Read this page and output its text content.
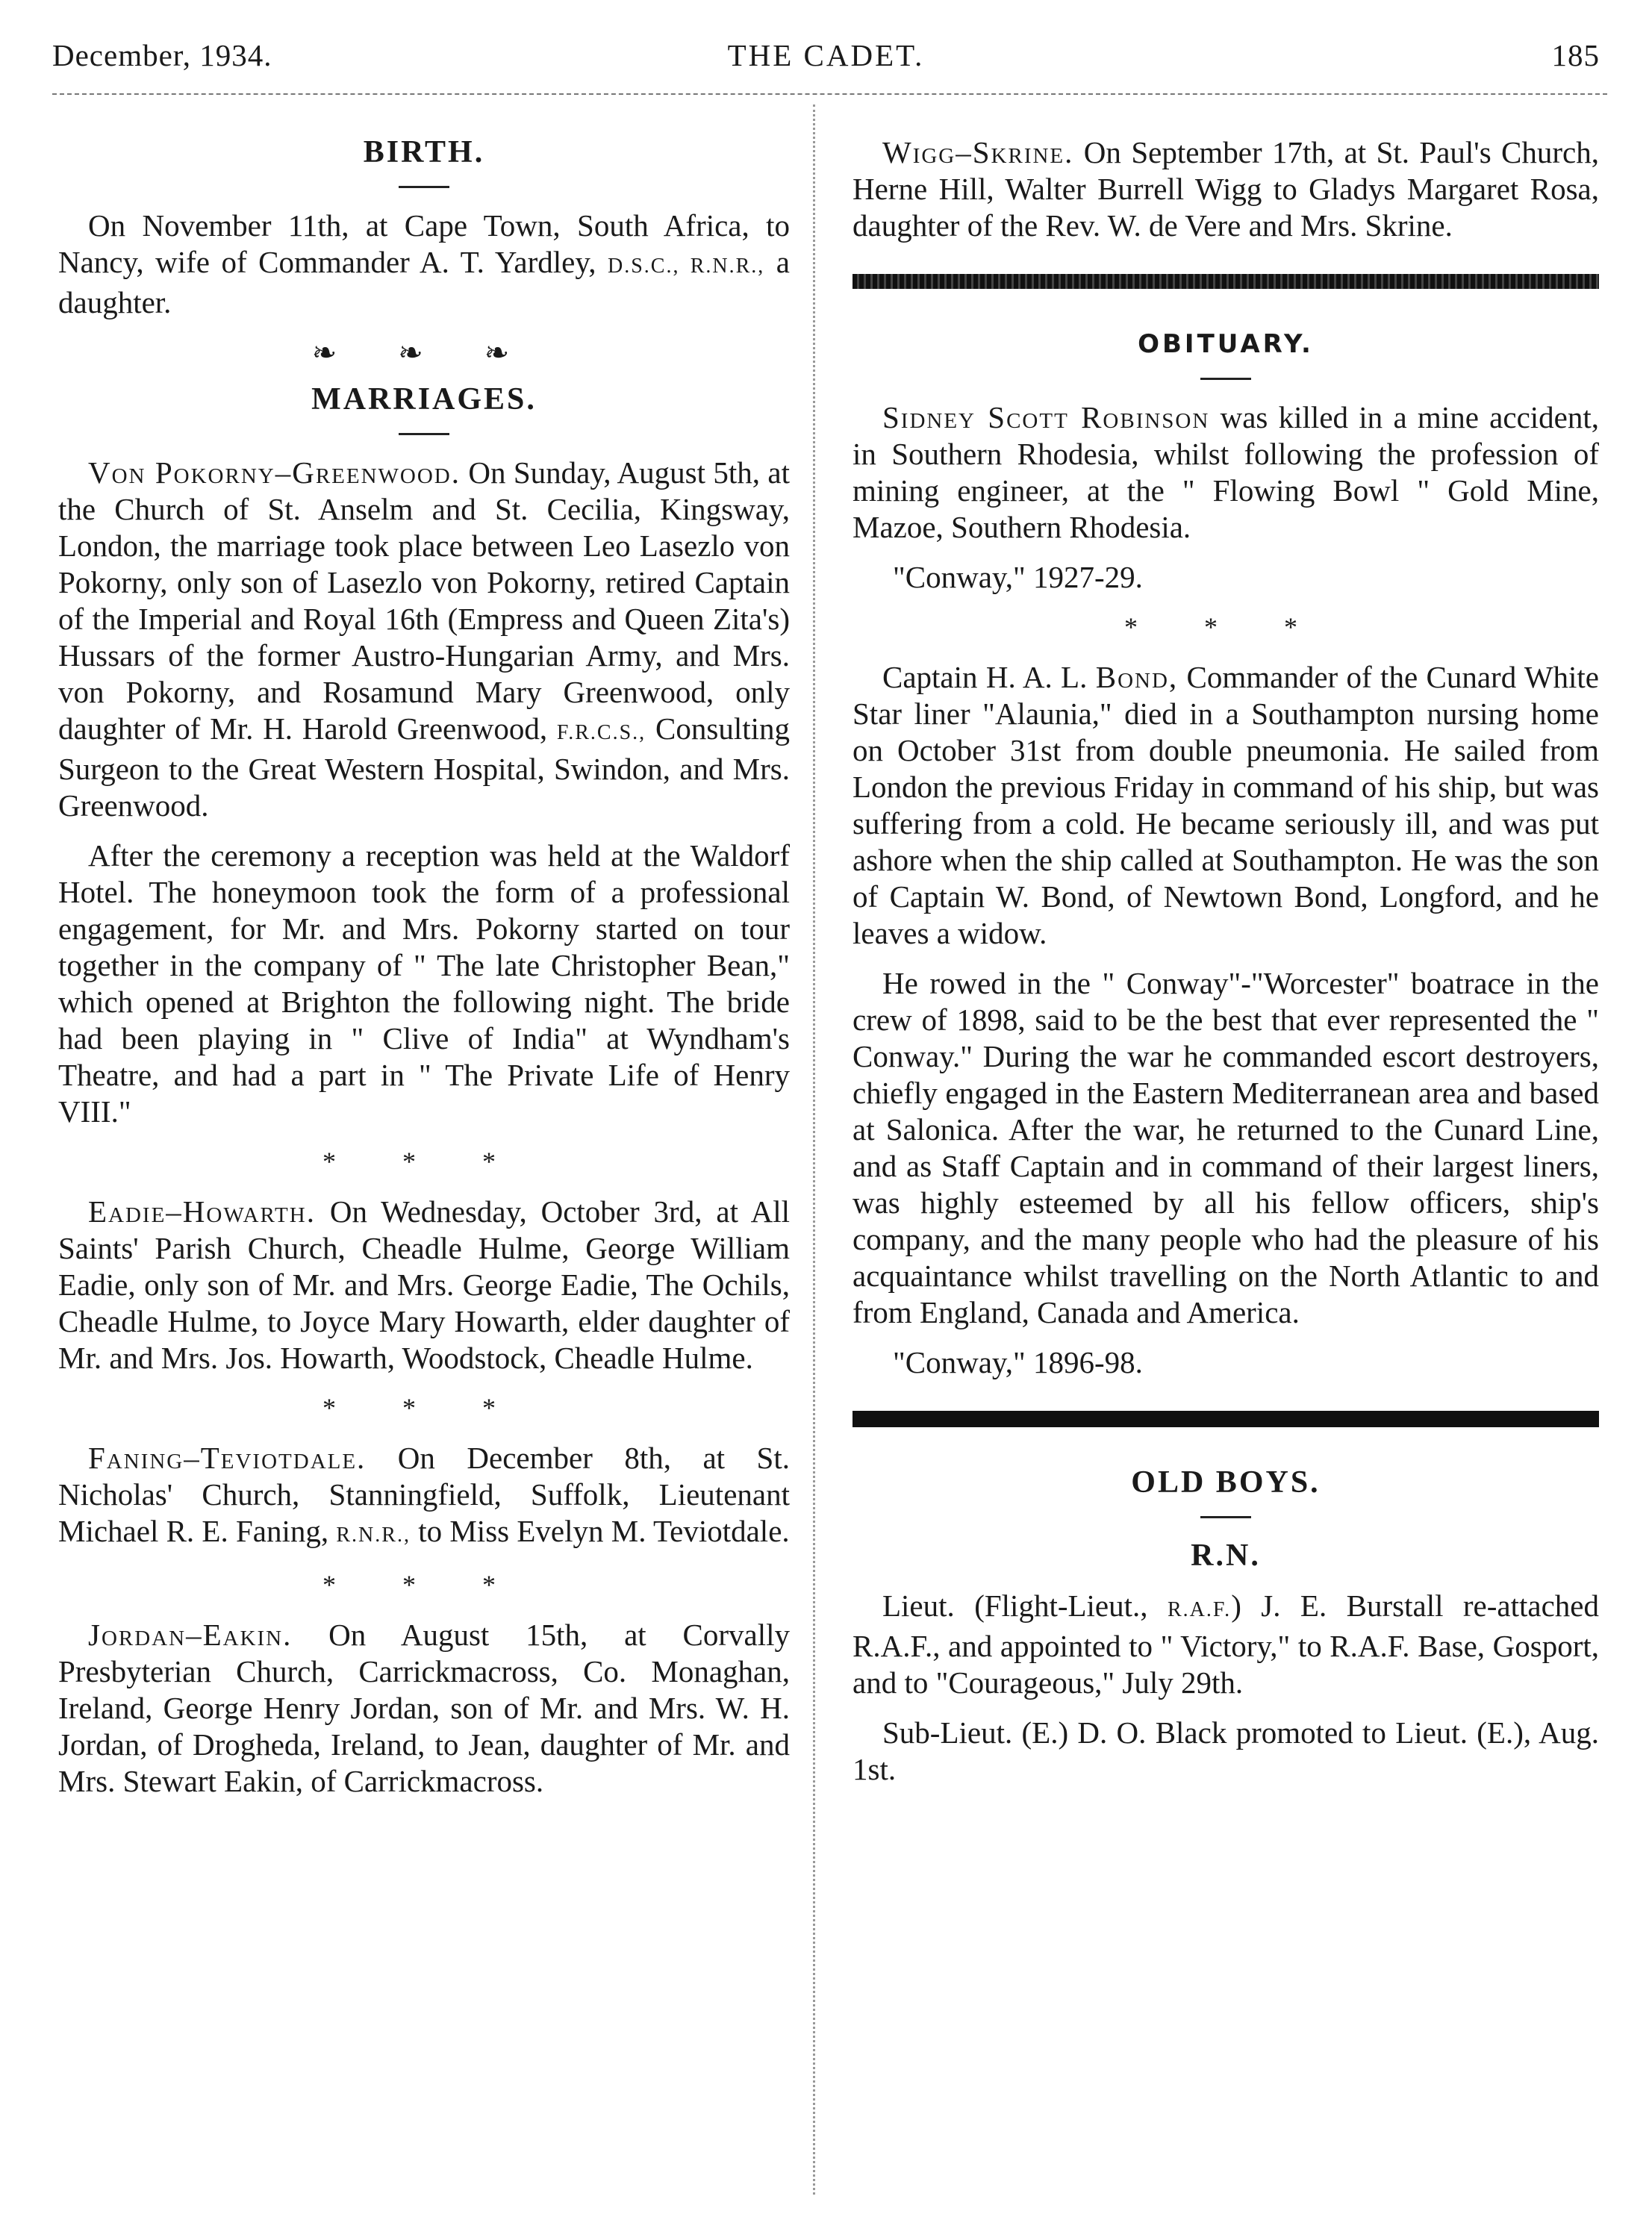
December, 1934.	THE CADET.	185
BIRTH.

On November 11th, at Cape Town, South Africa, to Nancy, wife of Commander A. T. Yardley, D.S.C., R.N.R., a daughter.

❧ ❧ ❧
MARRIAGES.

Von Pokorny–Greenwood. On Sunday, August 5th, at the Church of St. Anselm and St. Cecilia, Kingsway, London, the marriage took place between Leo Lasezlo von Pokorny, only son of Lasezlo von Pokorny, retired Captain of the Imperial and Royal 16th (Empress and Queen Zita's) Hussars of the former Austro-Hungarian Army, and Mrs. von Pokorny, and Rosamund Mary Greenwood, only daughter of Mr. H. Harold Greenwood, F.R.C.S., Consulting Surgeon to the Great Western Hospital, Swindon, and Mrs. Greenwood.

After the ceremony a reception was held at the Waldorf Hotel. The honeymoon took the form of a professional engagement, for Mr. and Mrs. Pokorny started on tour together in the company of " The late Christopher Bean," which opened at Brighton the following night. The bride had been playing in " Clive of India" at Wyndham's Theatre, and had a part in " The Private Life of Henry VIII."

* * *

Eadie–Howarth. On Wednesday, October 3rd, at All Saints' Parish Church, Cheadle Hulme, George William Eadie, only son of Mr. and Mrs. George Eadie, The Ochils, Cheadle Hulme, to Joyce Mary Howarth, elder daughter of Mr. and Mrs. Jos. Howarth, Woodstock, Cheadle Hulme.

* * *

Faning–Teviotdale. On December 8th, at St. Nicholas' Church, Stanningfield, Suffolk, Lieutenant Michael R. E. Faning, R.N.R., to Miss Evelyn M. Teviotdale.

* * *

Jordan–Eakin. On August 15th, at Corvally Presbyterian Church, Carrickmacross, Co. Monaghan, Ireland, George Henry Jordan, son of Mr. and Mrs. W. H. Jordan, of Drogheda, Ireland, to Jean, daughter of Mr. and Mrs. Stewart Eakin, of Carrickmacross.

Wigg–Skrine. On September 17th, at St. Paul's Church, Herne Hill, Walter Burrell Wigg to Gladys Margaret Rosa, daughter of the Rev. W. de Vere and Mrs. Skrine.

OBITUARY.

Sidney Scott Robinson was killed in a mine accident, in Southern Rhodesia, whilst following the profession of mining engineer, at the " Flowing Bowl " Gold Mine, Mazoe, Southern Rhodesia.

"Conway," 1927-29.

* * *

Captain H. A. L. Bond, Commander of the Cunard White Star liner "Alaunia," died in a Southampton nursing home on October 31st from double pneumonia. He sailed from London the previous Friday in command of his ship, but was suffering from a cold. He became seriously ill, and was put ashore when the ship called at Southampton. He was the son of Captain W. Bond, of Newtown Bond, Longford, and he leaves a widow.

He rowed in the " Conway"-"Worcester" boatrace in the crew of 1898, said to be the best that ever represented the " Conway." During the war he commanded escort destroyers, chiefly engaged in the Eastern Mediterranean area and based at Salonica. After the war, he returned to the Cunard Line, and as Staff Captain and in command of their largest liners, was highly esteemed by all his fellow officers, ship's company, and the many people who had the pleasure of his acquaintance whilst travelling on the North Atlantic to and from England, Canada and America.

"Conway," 1896-98.

OLD BOYS.
R.N.

Lieut. (Flight-Lieut., R.A.F.) J. E. Burstall re-attached R.A.F., and appointed to " Victory," to R.A.F. Base, Gosport, and to "Courageous," July 29th.

Sub-Lieut. (E.) D. O. Black promoted to Lieut. (E.), Aug. 1st.
